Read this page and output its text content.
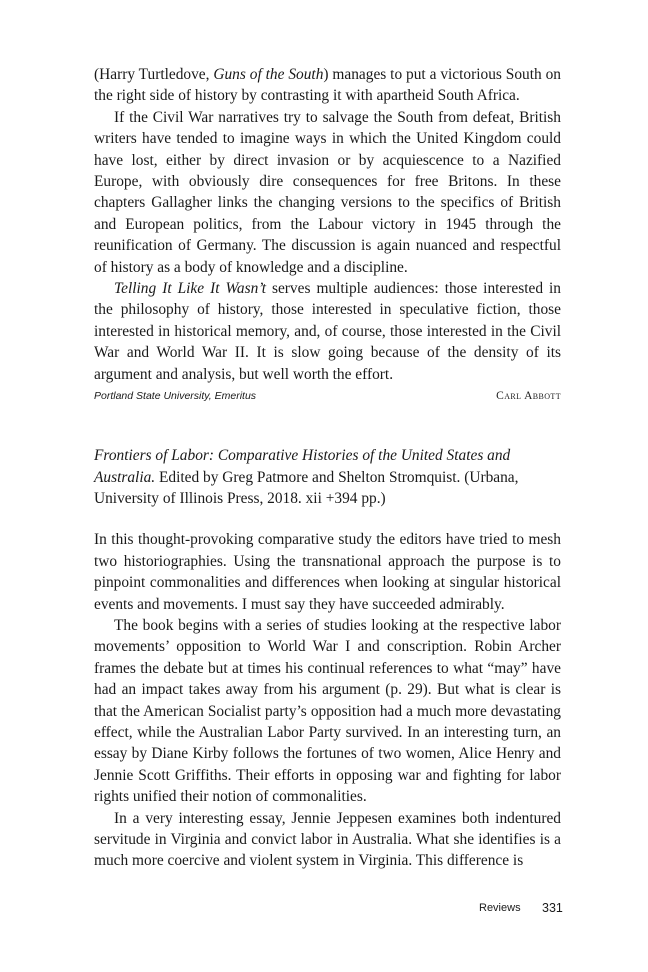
(Harry Turtledove, Guns of the South) manages to put a victorious South on the right side of history by contrasting it with apartheid South Africa.

If the Civil War narratives try to salvage the South from defeat, British writers have tended to imagine ways in which the United Kingdom could have lost, either by direct invasion or by acquiescence to a Nazified Europe, with obviously dire consequences for free Britons. In these chapters Gallagher links the changing versions to the specifics of British and European politics, from the Labour victory in 1945 through the reunification of Germany. The discussion is again nuanced and respectful of history as a body of knowledge and a discipline.

Telling It Like It Wasn’t serves multiple audiences: those interested in the philosophy of history, those interested in speculative fiction, those interested in historical memory, and, of course, those interested in the Civil War and World War II. It is slow going because of the density of its argument and analysis, but well worth the effort.

Portland State University, Emeritus	Carl Abbott

Frontiers of Labor: Comparative Histories of the United States and Australia. Edited by Greg Patmore and Shelton Stromquist. (Urbana, University of Illinois Press, 2018. xii +394 pp.)

In this thought-provoking comparative study the editors have tried to mesh two historiographies. Using the transnational approach the purpose is to pinpoint commonalities and differences when looking at singular historical events and movements. I must say they have succeeded admirably.

The book begins with a series of studies looking at the respective labor movements’ opposition to World War I and conscription. Robin Archer frames the debate but at times his continual references to what “may” have had an impact takes away from his argument (p. 29). But what is clear is that the American Socialist party’s opposition had a much more devastating effect, while the Australian Labor Party survived. In an interesting turn, an essay by Diane Kirby follows the fortunes of two women, Alice Henry and Jennie Scott Griffiths. Their efforts in opposing war and fighting for labor rights unified their notion of commonalities.

In a very interesting essay, Jennie Jeppesen examines both indentured servitude in Virginia and convict labor in Australia. What she identifies is a much more coercive and violent system in Virginia. This difference is

Reviews 331
